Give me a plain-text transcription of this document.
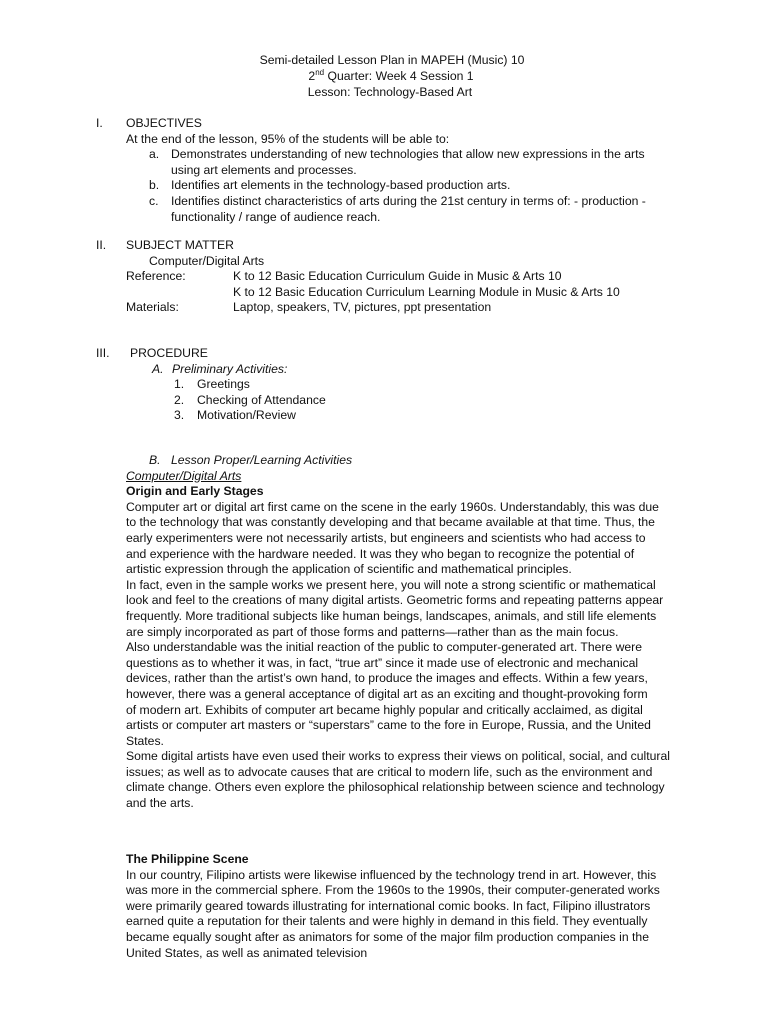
Semi-detailed Lesson Plan in MAPEH (Music) 10
2nd Quarter: Week 4 Session 1
Lesson: Technology-Based Art
I. OBJECTIVES
At the end of the lesson, 95% of the students will be able to:
a. Demonstrates understanding of new technologies that allow new expressions in the arts using art elements and processes.
b. Identifies art elements in the technology-based production arts.
c. Identifies distinct characteristics of arts during the 21st century in terms of: - production - functionality / range of audience reach.
II. SUBJECT MATTER
Computer/Digital Arts
Reference:	K to 12 Basic Education Curriculum Guide in Music & Arts 10
K to 12 Basic Education Curriculum Learning Module in Music & Arts 10
Materials:	Laptop, speakers, TV, pictures, ppt presentation
III. PROCEDURE
A. Preliminary Activities:
1. Greetings
2. Checking of Attendance
3. Motivation/Review
B. Lesson Proper/Learning Activities
Computer/Digital Arts
Origin and Early Stages

Computer art or digital art first came on the scene in the early 1960s. Understandably, this was due to the technology that was constantly developing and that became available at that time. Thus, the early experimenters were not necessarily artists, but engineers and scientists who had access to and experience with the hardware needed. It was they who began to recognize the potential of artistic expression through the application of scientific and mathematical principles.

In fact, even in the sample works we present here, you will note a strong scientific or mathematical look and feel to the creations of many digital artists. Geometric forms and repeating patterns appear frequently. More traditional subjects like human beings, landscapes, animals, and still life elements are simply incorporated as part of those forms and patterns—rather than as the main focus.

Also understandable was the initial reaction of the public to computer-generated art. There were questions as to whether it was, in fact, “true art” since it made use of electronic and mechanical devices, rather than the artist’s own hand, to produce the images and effects. Within a few years, however, there was a general acceptance of digital art as an exciting and thought-provoking form of modern art. Exhibits of computer art became highly popular and critically acclaimed, as digital artists or computer art masters or “superstars” came to the fore in Europe, Russia, and the United States.

Some digital artists have even used their works to express their views on political, social, and cultural issues; as well as to advocate causes that are critical to modern life, such as the environment and climate change. Others even explore the philosophical relationship between science and technology and the arts.

The Philippine Scene

In our country, Filipino artists were likewise influenced by the technology trend in art. However, this was more in the commercial sphere. From the 1960s to the 1990s, their computer-generated works were primarily geared towards illustrating for international comic books. In fact, Filipino illustrators earned quite a reputation for their talents and were highly in demand in this field. They eventually became equally sought after as animators for some of the major film production companies in the United States, as well as animated television
